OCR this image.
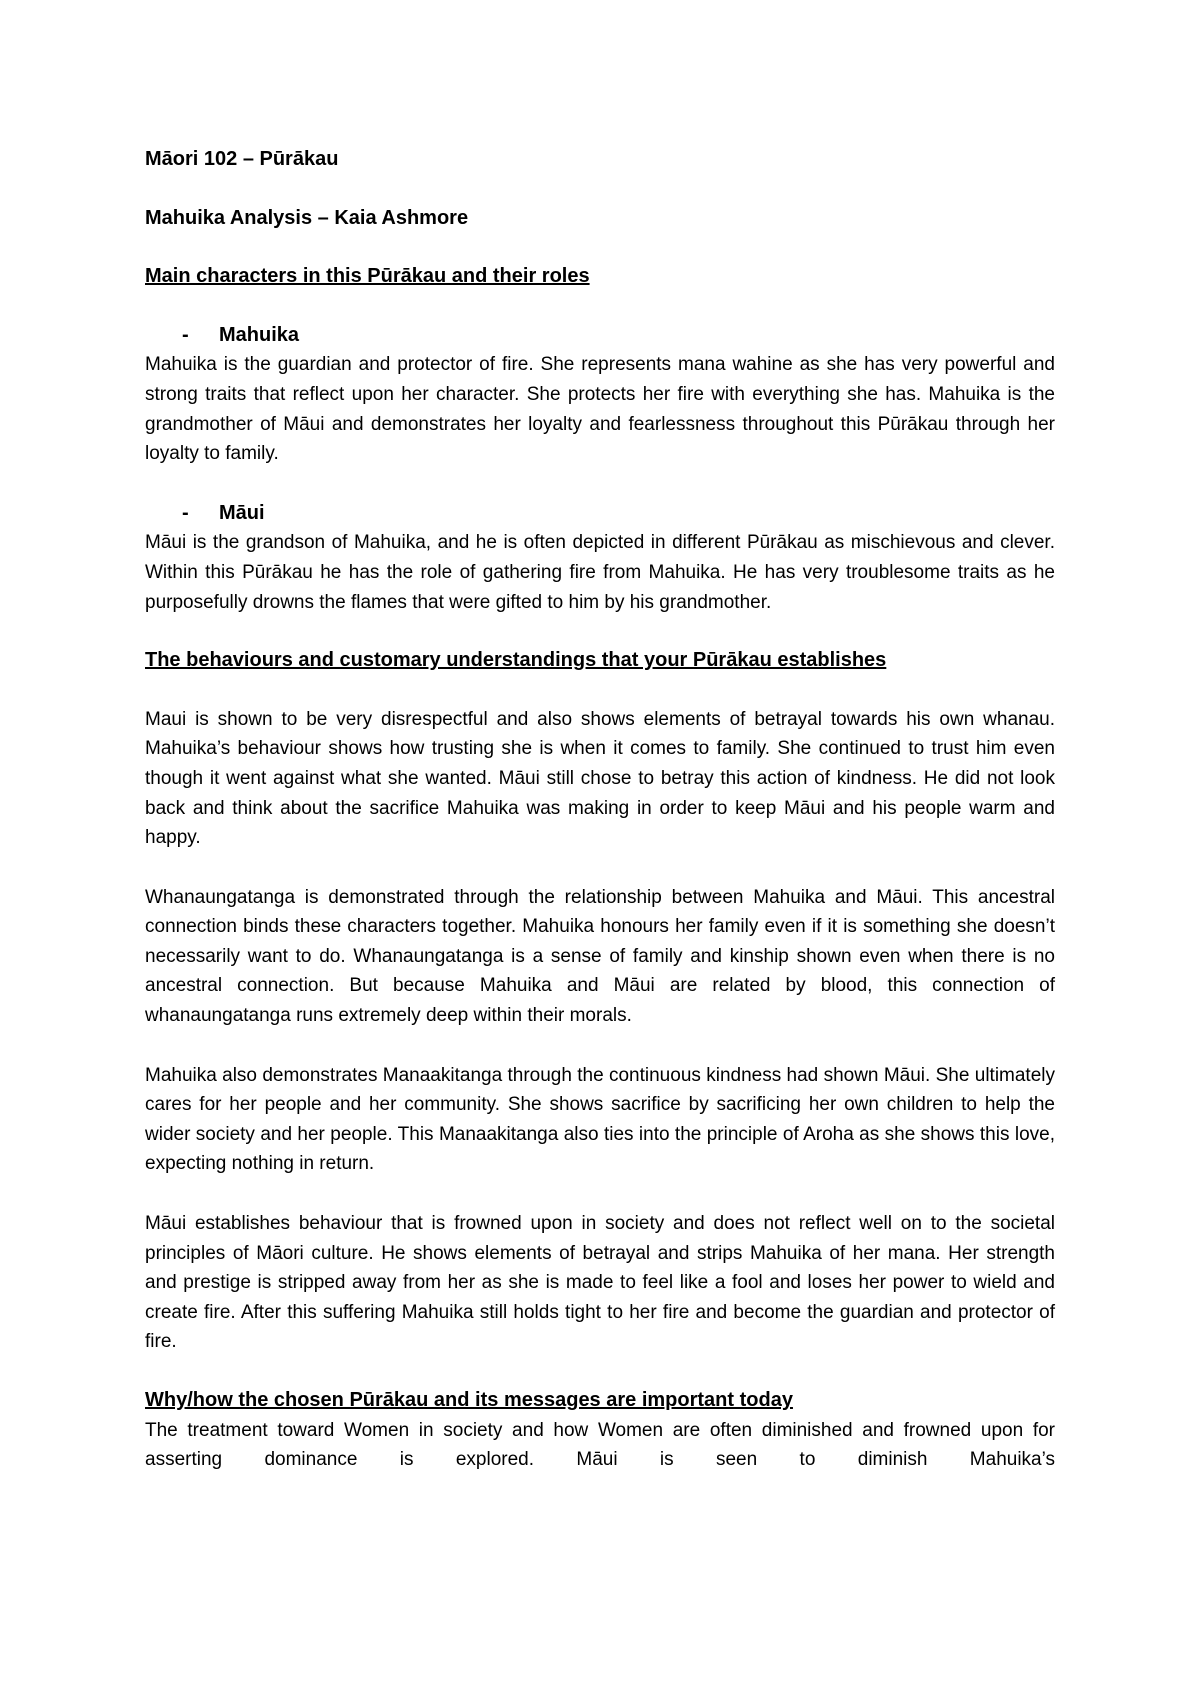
Māori 102 – Pūrākau

Mahuika Analysis – Kaia Ashmore

Main characters in this Pūrākau and their roles

-	Mahuika

Mahuika is the guardian and protector of fire. She represents mana wahine as she has very powerful and strong traits that reflect upon her character. She protects her fire with everything she has. Mahuika is the grandmother of Māui and demonstrates her loyalty and fearlessness throughout this Pūrākau through her loyalty to family.

-	Māui

Māui is the grandson of Mahuika, and he is often depicted in different Pūrākau as mischievous and clever. Within this Pūrākau he has the role of gathering fire from Mahuika. He has very troublesome traits as he purposefully drowns the flames that were gifted to him by his grandmother.

The behaviours and customary understandings that your Pūrākau establishes

Maui is shown to be very disrespectful and also shows elements of betrayal towards his own whanau. Mahuika’s behaviour shows how trusting she is when it comes to family. She continued to trust him even though it went against what she wanted. Māui still chose to betray this action of kindness. He did not look back and think about the sacrifice Mahuika was making in order to keep Māui and his people warm and happy.

Whanaungatanga is demonstrated through the relationship between Mahuika and Māui. This ancestral connection binds these characters together. Mahuika honours her family even if it is something she doesn’t necessarily want to do. Whanaungatanga is a sense of family and kinship shown even when there is no ancestral connection. But because Mahuika and Māui are related by blood, this connection of whanaungatanga runs extremely deep within their morals.

Mahuika also demonstrates Manaakitanga through the continuous kindness had shown Māui. She ultimately cares for her people and her community. She shows sacrifice by sacrificing her own children to help the wider society and her people. This Manaakitanga also ties into the principle of Aroha as she shows this love, expecting nothing in return.

Māui establishes behaviour that is frowned upon in society and does not reflect well on to the societal principles of Māori culture. He shows elements of betrayal and strips Mahuika of her mana. Her strength and prestige is stripped away from her as she is made to feel like a fool and loses her power to wield and create fire. After this suffering Mahuika still holds tight to her fire and become the guardian and protector of fire.

Why/how the chosen Pūrākau and its messages are important today

The treatment toward Women in society and how Women are often diminished and frowned upon for asserting dominance is explored. Māui is seen to diminish Mahuika’s
